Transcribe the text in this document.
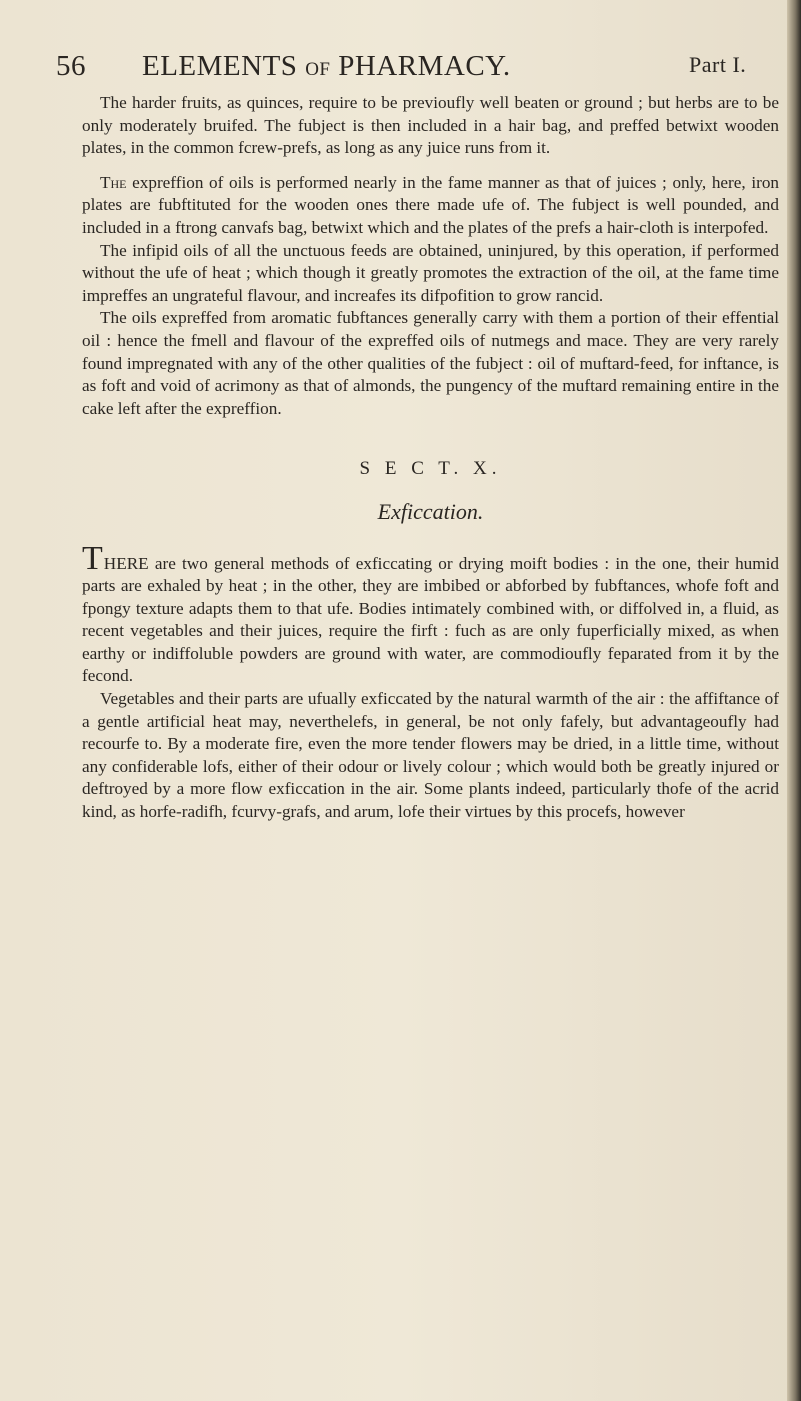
56 ELEMENTS OF PHARMACY.	Part I.

The harder fruits, as quinces, require to be previoufly well beaten or ground ; but herbs are to be only moderately bruifed. The fubject is then included in a hair bag, and preffed betwixt wooden plates, in the common fcrew-prefs, as long as any juice runs from it.

The expreffion of oils is performed nearly in the fame manner as that of juices ; only, here, iron plates are fubftituted for the wooden ones there made ufe of. The fubject is well pounded, and included in a ftrong canvafs bag, betwixt which and the plates of the prefs a hair-cloth is interpofed.

The infipid oils of all the unctuous feeds are obtained, uninjured, by this operation, if performed without the ufe of heat ; which though it greatly promotes the extraction of the oil, at the fame time impreffes an ungrateful flavour, and increafes its difpofition to grow rancid.

The oils expreffed from aromatic fubftances generally carry with them a portion of their effential oil : hence the fmell and flavour of the expreffed oils of nutmegs and mace. They are very rarely found impregnated with any of the other qualities of the fubject : oil of muftard-feed, for inftance, is as foft and void of acrimony as that of almonds, the pungency of the muftard remaining entire in the cake left after the expreffion.

S E C T. X.
Exficcation.

THERE are two general methods of exficcating or drying moift bodies : in the one, their humid parts are exhaled by heat ; in the other, they are imbibed or abforbed by fubftances, whofe foft and fpongy texture adapts them to that ufe. Bodies intimately combined with, or diffolved in, a fluid, as recent vegetables and their juices, require the firft : fuch as are only fuperficially mixed, as when earthy or indiffoluble powders are ground with water, are commodioufly feparated from it by the fecond.

Vegetables and their parts are ufually exficcated by the natural warmth of the air : the affiftance of a gentle artificial heat may, neverthelefs, in general, be not only fafely, but advantageoufly had recourfe to. By a moderate fire, even the more tender flowers may be dried, in a little time, without any confiderable lofs, either of their odour or lively colour ; which would both be greatly injured or deftroyed by a more flow exficcation in the air. Some plants indeed, particularly thofe of the acrid kind, as horfe-radifh, fcurvy-grafs, and arum, lofe their virtues by this procefs, however
